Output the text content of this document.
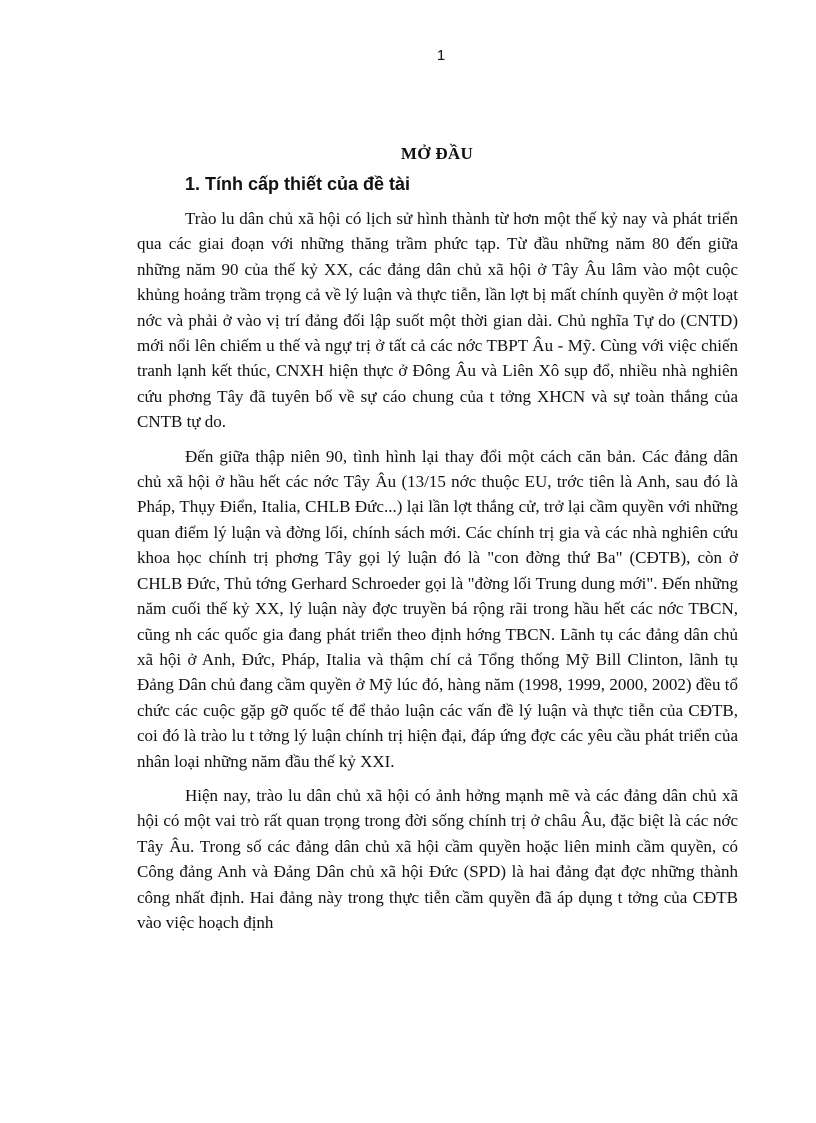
1
MỞ ĐẦU
1. Tính cấp thiết của đề tài

Trào lu dân chủ xã hội có lịch sử hình thành từ hơn một thế kỷ nay và phát triển qua các giai đoạn với những thăng trầm phức tạp. Từ đầu những năm 80 đến giữa những năm 90 của thế kỷ XX, các đảng dân chủ xã hội ở Tây Âu lâm vào một cuộc khủng hoảng trầm trọng cả về lý luận và thực tiễn, lần lợt bị mất chính quyền ở một loạt nớc và phải ở vào vị trí đảng đối lập suốt một thời gian dài. Chủ nghĩa Tự do (CNTD) mới nổi lên chiếm u thế và ngự trị ở tất cả các nớc TBPT Âu - Mỹ. Cùng với việc chiến tranh lạnh kết thúc, CNXH hiện thực ở Đông Âu và Liên Xô sụp đổ, nhiều nhà nghiên cứu phơng Tây đã tuyên bố về sự cáo chung của t tởng XHCN và sự toàn thắng của CNTB tự do.

Đến giữa thập niên 90, tình hình lại thay đổi một cách căn bản. Các đảng dân chủ xã hội ở hầu hết các nớc Tây Âu (13/15 nớc thuộc EU, trớc tiên là Anh, sau đó là Pháp, Thụy Điển, Italia, CHLB Đức...) lại lần lợt thắng cử, trở lại cầm quyền với những quan điểm lý luận và đờng lối, chính sách mới. Các chính trị gia và các nhà nghiên cứu khoa học chính trị phơng Tây gọi lý luận đó là "con đờng thứ Ba" (CĐTB), còn ở CHLB Đức, Thủ tớng Gerhard Schroeder gọi là "đờng lối Trung dung mới". Đến những năm cuối thế kỷ XX, lý luận này đợc truyền bá rộng rãi trong hầu hết các nớc TBCN, cũng nh các quốc gia đang phát triển theo định hớng TBCN. Lãnh tụ các đảng dân chủ xã hội ở Anh, Đức, Pháp, Italia và thậm chí cả Tổng thống Mỹ Bill Clinton, lãnh tụ Đảng Dân chủ đang cầm quyền ở Mỹ lúc đó, hàng năm (1998, 1999, 2000, 2002) đều tổ chức các cuộc gặp gỡ quốc tế để thảo luận các vấn đề lý luận và thực tiễn của CĐTB, coi đó là trào lu t tởng lý luận chính trị hiện đại, đáp ứng đợc các yêu cầu phát triển của nhân loại những năm đầu thế kỷ XXI.

Hiện nay, trào lu dân chủ xã hội có ảnh hởng mạnh mẽ và các đảng dân chủ xã hội có một vai trò rất quan trọng trong đời sống chính trị ở châu Âu, đặc biệt là các nớc Tây Âu. Trong số các đảng dân chủ xã hội cầm quyền hoặc liên minh cầm quyền, có Công đảng Anh và Đảng Dân chủ xã hội Đức (SPD) là hai đảng đạt đợc những thành công nhất định. Hai đảng này trong thực tiễn cầm quyền đã áp dụng t tởng của CĐTB vào việc hoạch định
